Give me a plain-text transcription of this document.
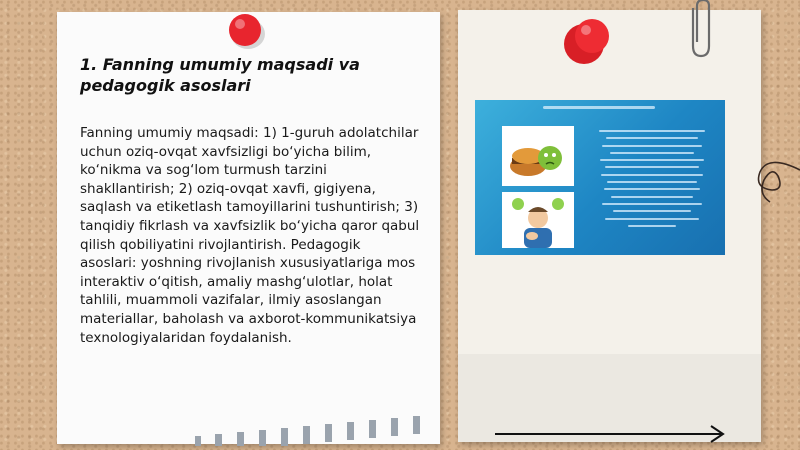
1. Fanning umumiy maqsadi va pedagogik asoslari
Fanning umumiy maqsadi: 1) 1-guruh adolatchilar uchun oziq-ovqat xavfsizligi bo‘yicha bilim, ko‘nikma va sog‘lom turmush tarzini shakllantirish; 2) oziq-ovqat xavfi, gigiyena, saqlash va etiketlash tamoyillarini tushuntirish; 3) tanqidiy fikrlash va xavfsizlik bo‘yicha qaror qabul qilish qobiliyatini rivojlantirish. Pedagogik asoslari: yoshning rivojlanish xususiyatlariga mos interaktiv o‘qitish, amaliy mashg‘ulotlar, holat tahlili, muammoli vazifalar, ilmiy asoslangan materiallar, baholash va axborot-kommunikatsiya texnologiyalaridan foydalanish.
